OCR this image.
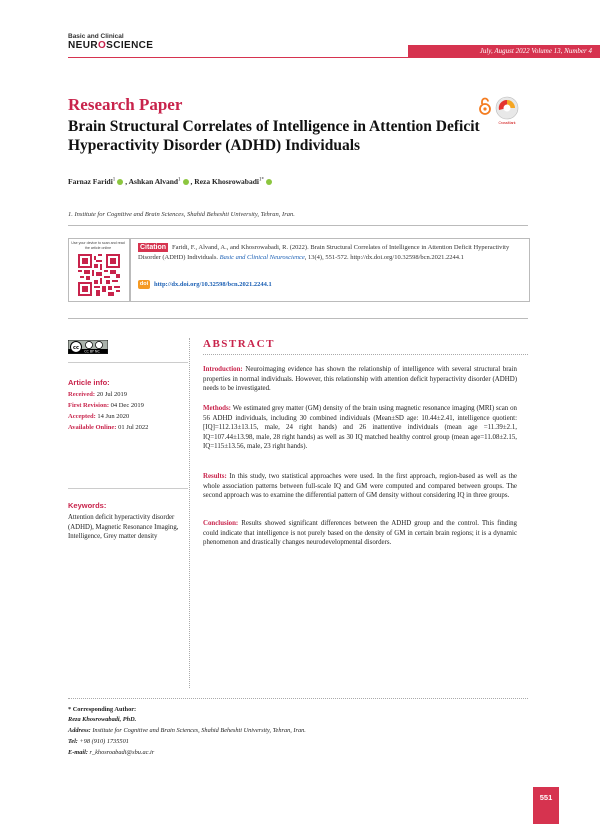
Basic and Clinical
NEUROSCIENCE	July, August 2022 Volume 13, Number 4
Research Paper
Brain Structural Correlates of Intelligence in Attention Deficit Hyperactivity Disorder (ADHD) Individuals
CrossMark
Farnaz Faridi$^1$ , Ashkan Alvand$^1$ , Reza Khosrowabadi$^{1*}$
1. Institute for Cognitive and Brain Sciences, Shahid Beheshti University, Tehran, Iran.
Use your device to scan and read the article online	Faridi, F., Alvand, A., and Khosrowabadi, R. (2022). Brain Structural Correlates of Intelligence in Attention Deficit Hyperactivity Disorder (ADHD) Individuals. Basic and Clinical Neuroscience, 13(4), 551-572. http://dx.doi.org/10.32598/bcn.2021.2244.1
Citation
doi http://dx.doi.org/10.32598/bcn.2021.2244.1
cc
CC BY NC
Article info:
Received: 20 Jul 2019
First Revision: 04 Dec 2019
Accepted: 14 Jun 2020
Available Online: 01 Jul 2022
Keywords:
Attention deficit hyperactivity disorder (ADHD), Magnetic Resonance Imaging, Intelligence, Grey matter density
ABSTRACT
Introduction: Neuroimaging evidence has shown the relationship of intelligence with several structural brain properties in normal individuals. However, this relationship with attention deficit hyperactivity disorder (ADHD) needs to be investigated.
Methods: We estimated grey matter (GM) density of the brain using magnetic resonance imaging (MRI) scan on 56 ADHD individuals, including 30 combined individuals (Mean±SD age: 10.44±2.41, intelligence quotient: [IQ]=112.13±13.15, male, 24 right hands) and 26 inattentive individuals (mean age =11.39±2.1, IQ=107.44±13.98, male, 28 right hands) as well as 30 IQ matched healthy control group (mean age=11.08±2.15, IQ=115±13.56, male, 23 right hands).
Results: In this study, two statistical approaches were used. In the first approach, region-based as well as the whole association patterns between full-scale IQ and GM were computed and compared between groups. The second approach was to examine the differential pattern of GM density without considering IQ in three groups.
Conclusion: Results showed significant differences between the ADHD group and the control. This finding could indicate that intelligence is not purely based on the density of GM in certain brain regions; it is a dynamic phenomenon and drastically changes neurodevelopmental disorders.
* Corresponding Author:
Reza Khosrowabadi, PhD.
Address: Institute for Cognitive and Brain Sciences, Shahid Beheshti University, Tehran, Iran.
Tel: +98 (910) 1735501
E-mail: r_khosroabadi@sbu.ac.ir
551
